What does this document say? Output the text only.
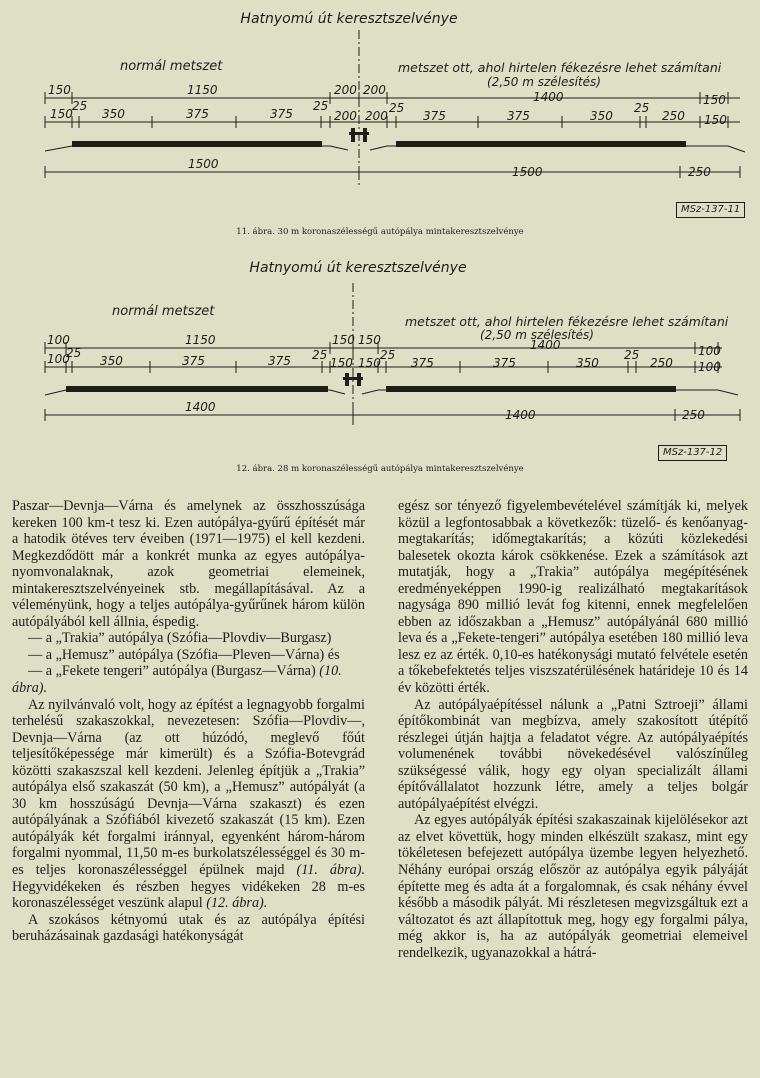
Hatnyomú út keresztszelvénye
normál metszet	metszet ott, ahol hirtelen fékezésre lehet számítani
(2,50 m szélesítés)
150	1150	200 200	1400	150
150
25
350	375	375
25
200 200
25
375	375	350
25
250 150
1500
1500	250
MSz-137-11
11. ábra. 30 m koronaszélességű autópálya mintakeresztszelvénye
Hatnyomú út keresztszelvénye
normál metszet
metszet ott, ahol hirtelen fékezésre lehet számítani
(2,50 m szélesítés)
100	1150	150 150	1400	100
100
25
350	375	375 25
150 150
25
375	375	350
25
250 100
1400
1400	250
MSz-137-12
12. ábra. 28 m koronaszélességű autópálya mintakeresztszelvénye

Paszar—Devnja—Várna és amelynek az összhosszúsága kereken 100 km-t tesz ki. Ezen autópálya-gyűrű építését már a hatodik ötéves terv éveiben (1971—1975) el kell kezdeni. Megkezdődött már a konkrét munka az egyes autópálya-nyomvonalaknak, azok geometriai elemeinek, mintakeresztszelvényeinek stb. megállapításával. Az a véleményünk, hogy a teljes autópálya-gyűrűnek három külön autópályából kell állnia, éspedig.

— a „Trakia” autópálya (Szófia—Plovdiv—Burgasz)

— a „Hemusz” autópálya (Szófia—Pleven—Várna) és

— a „Fekete tengeri” autópálya (Burgasz—Várna) (10. ábra).

Az nyilvánvaló volt, hogy az építést a legnagyobb forgalmi terhelésű szakaszokkal, nevezetesen: Szófia—Plovdiv—, Devnja—Várna (az ott húzódó, meglevő főút teljesítőképessége már kimerült) és a Szófia-Botevgrád közötti szakaszszal kell kezdeni. Jelenleg építjük a „Trakia” autópálya első szakaszát (50 km), a „Hemusz” autópályát (a 30 km hosszúságú Devnja—Várna szakaszt) és ezen autópályának a Szófiából kivezető szakaszát (15 km). Ezen autópályák két forgalmi iránnyal, egyenként három-három forgalmi nyommal, 11,50 m-es burkolatszélességgel és 30 m-es teljes koronaszélességgel épülnek majd (11. ábra). Hegyvidékeken és részben hegyes vidékeken 28 m-es koronaszélességet veszünk alapul (12. ábra).

A szokásos kétnyomú utak és az autópálya építési beruházásainak gazdasági hatékonyságát

egész sor tényező figyelembevételével számítják ki, melyek közül a legfontosabbak a következők: tüzelő- és kenőanyag-megtakarítás; időmegtakarítás; a közúti közlekedési balesetek okozta károk csökkenése. Ezek a számítások azt mutatják, hogy a „Trakia” autópálya megépítésének eredményeképpen 1990-ig realizálható megtakarítások nagysága 890 millió levát fog kitenni, ennek megfelelően ebben az időszakban a „Hemusz” autópályánál 680 millió leva és a „Fekete-tengeri” autópálya esetében 180 millió leva lesz ez az érték. 0,10-es hatékonysági mutató felvétele esetén a tőkebefektetés teljes viszszatérülésének határideje 10 és 14 év közötti érték.

Az autópályaépítéssel nálunk a „Patni Sztroeji” állami építőkombinát van megbízva, amely szakosított útépítő részlegei útján hajtja a feladatot végre. Az autópályaépítés volumenének további növekedésével valószínűleg szükségessé válik, hogy egy olyan specializált állami építővállalatot hozzunk létre, amely a teljes bolgár autópályaépítést elvégzi.

Az egyes autópályák építési szakaszainak kijelölésekor azt az elvet követtük, hogy minden elkészült szakasz, mint egy tökéletesen befejezett autópálya üzembe legyen helyezhető. Néhány európai ország először az autópálya egyik pályáját építette meg és adta át a forgalomnak, és csak néhány évvel később a második pályát. Mi részletesen megvizsgáltuk ezt a változatot és azt állapítottuk meg, hogy egy forgalmi pálya, még akkor is, ha az autópályák geometriai elemeivel rendelkezik, ugyanazokkal a hátrá-
